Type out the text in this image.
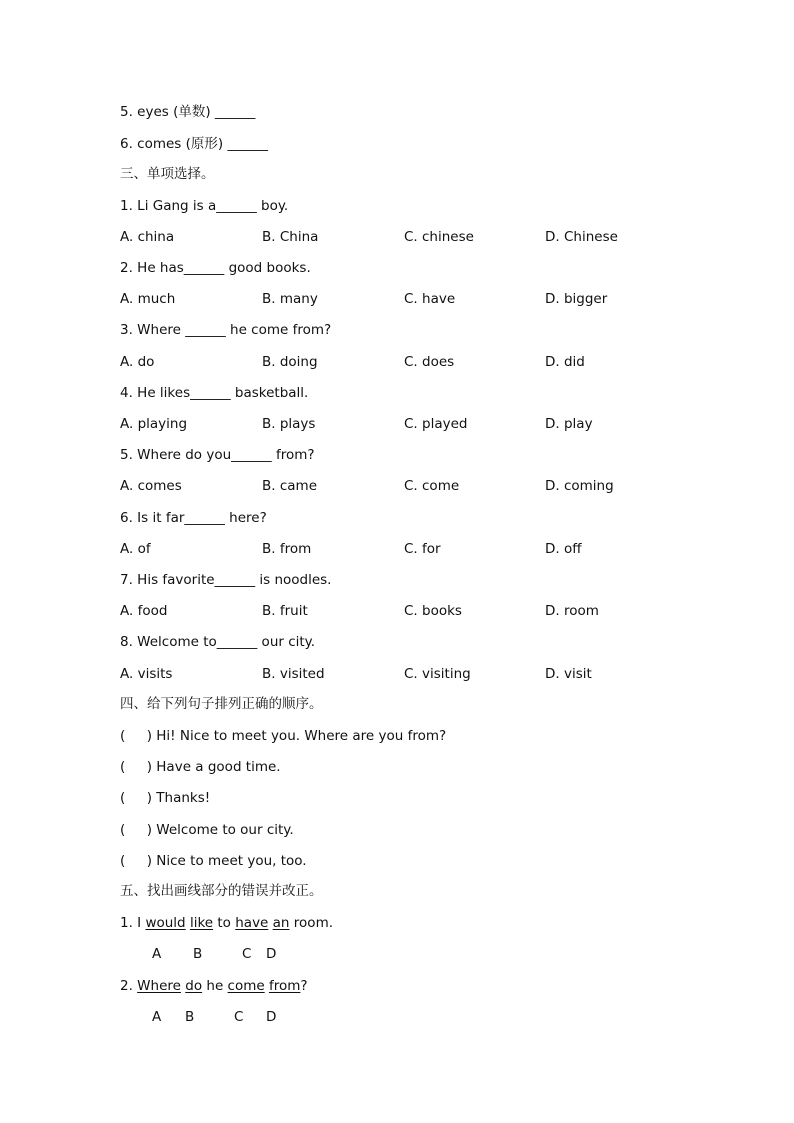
5. eyes (单数) ______
6. comes (原形) ______
三、单项选择。
1. Li Gang is a______ boy.
A. china	B. China	C. chinese	D. Chinese
2. He has______ good books.
A. much	B. many	C. have	D. bigger
3. Where ______ he come from?
A. do	B. doing	C. does	D. did
4. He likes______ basketball.
A. playing	B. plays	C. played	D. play
5. Where do you______ from?
A. comes	B. came	C. come	D. coming
6. Is it far______ here?
A. of	B. from	C. for	D. off
7. His favorite______ is noodles.
A. food	B. fruit	C. books	D. room
8. Welcome to______ our city.
A. visits	B. visited	C. visiting	D. visit
四、给下列句子排列正确的顺序。
(     ) Hi! Nice to meet you. Where are you from?
(     ) Have a good time.
(     ) Thanks!
(     ) Welcome to our city.
(     ) Nice to meet you, too.
五、找出画线部分的错误并改正。
1. I would like to have an room.
A B	C D
2. Where do he come from?
A B	C D
